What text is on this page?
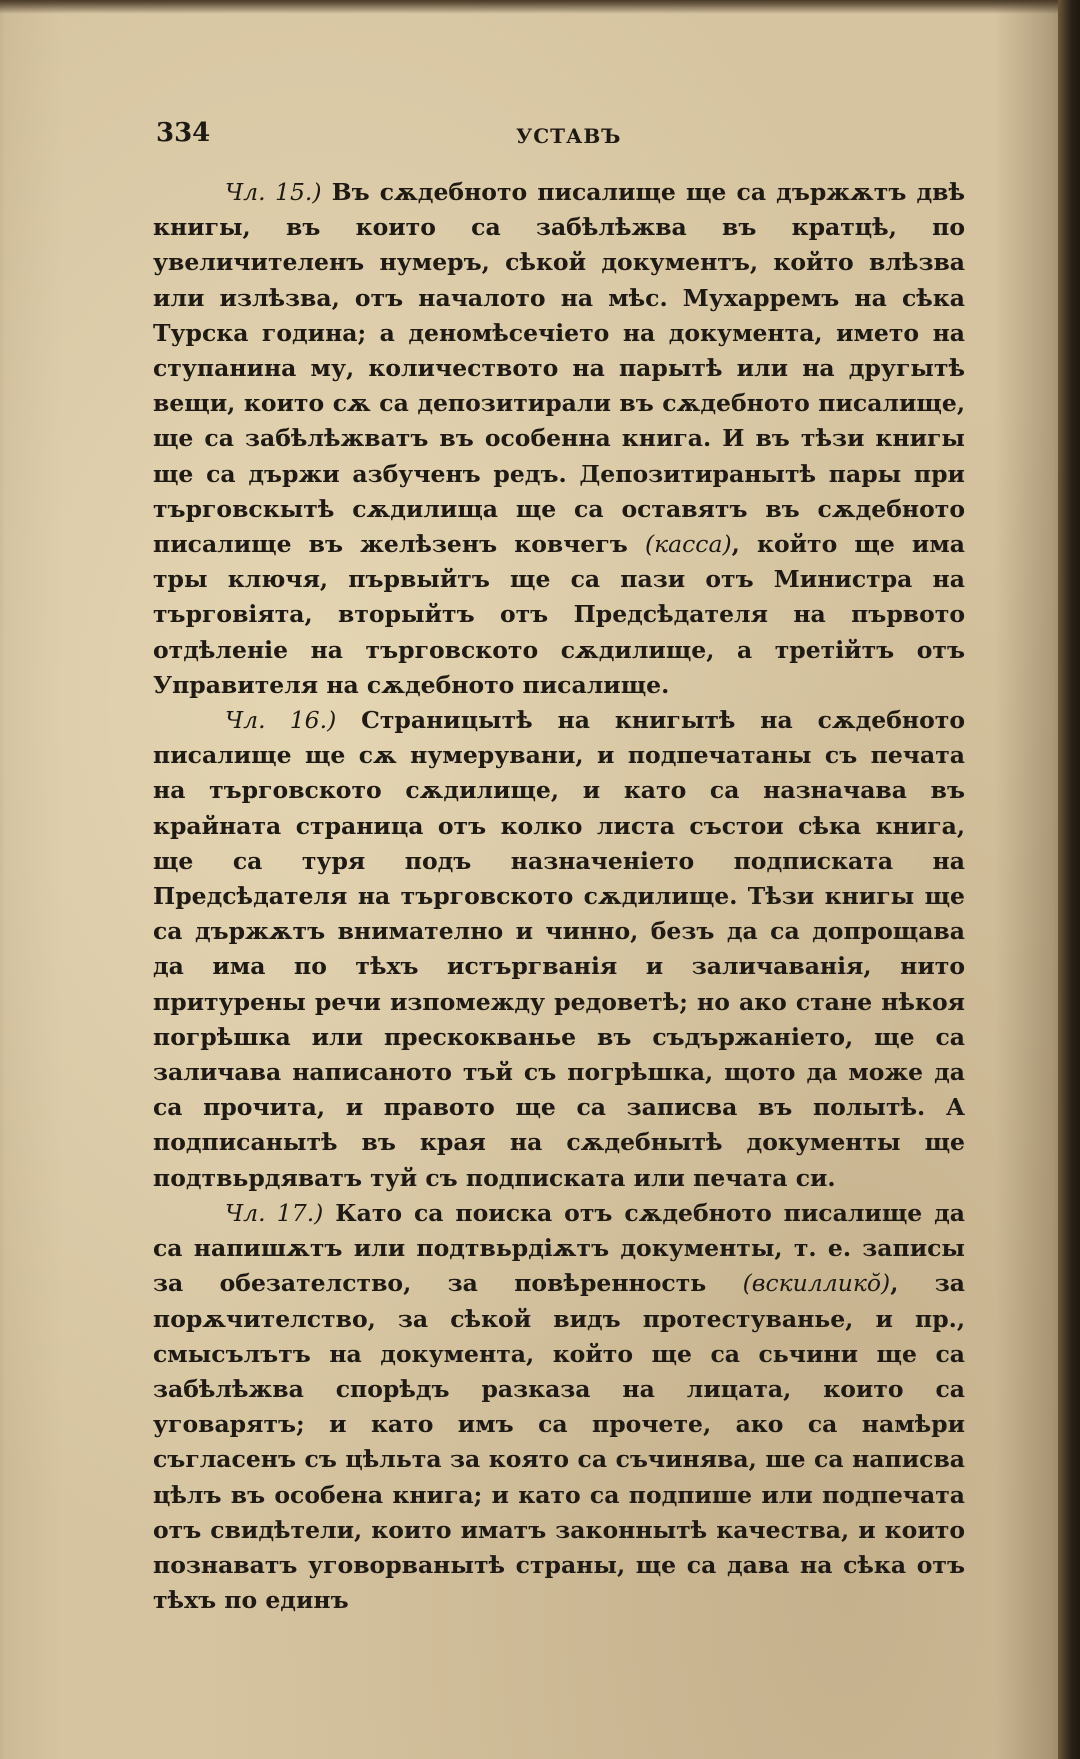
334	УСТАВЪ

Чл. 15.) Въ сѫдебното писалище ще са държѫтъ двѣ книгы, въ които са забѣлѣжва въ кратцѣ, по увеличителенъ нумеръ, сѣкой документъ, който влѣзва или излѣзва, отъ началото на мѣс. Мухарремъ на сѣка Турска година; а деномѣсечіето на документа, името на ступанина му, количеството на парытѣ или на другытѣ вещи, които сѫ са депозитирали въ сѫдебното писалище, ще са забѣлѣжватъ въ особенна книга. И въ тѣзи книгы ще са държи азбученъ редъ. Депозитиранытѣ пары при търговскытѣ сѫдилища ще са оставятъ въ сѫдебното писалище въ желѣзенъ ковчегъ (касса), който ще има тры ключя, първыйтъ ще са пази отъ Министра на търговіята, вторыйтъ отъ Предсѣдателя на първото отдѣленіе на търговското сѫдилище, а третійтъ отъ Управителя на сѫдебното писалище.

Чл. 16.) Страницытѣ на книгытѣ на сѫдебното писалище ще сѫ нумерувани, и подпечатаны съ печата на търговското сѫдилище, и като са назначава въ крайната страница отъ колко листа състои сѣка книга, ще са туря подъ назначеніето подписката на Предсѣдателя на търговското сѫдилище. Тѣзи книгы ще са държѫтъ внимателно и чинно, безъ да са допрощава да има по тѣхъ истъргванія и заличаванія, нито притурены речи изпомежду редоветѣ; но ако стане нѣкоя погрѣшка или прескокванье въ съдържаніето, ще са заличава написаното тъй съ погрѣшка, щото да може да са прочита, и правото ще са записва въ полытѣ. А подписанытѣ въ края на сѫдебнытѣ документы ще подтвьрдяватъ туй съ подписката или печата си.

Чл. 17.) Като са поиска отъ сѫдебното писалище да са напишѫтъ или подтвьрдіѫтъ документы, т. е. записы за обезателство, за повѣренность (вскиллико̆), за порѫчителство, за сѣкой видъ протестуванье, и пр., смысълътъ на документа, който ще са сьчини ще са забѣлѣжва спорѣдъ разказа на лицата, които са уговарятъ; и като имъ са прочете, ако са намѣри съгласенъ съ цѣльта за която са съчинява, ше са написва цѣлъ въ особена книга; и като са подпише или подпечата отъ свидѣтели, които иматъ законнытѣ качества, и които познаватъ уговорванытѣ страны, ще са дава на сѣка отъ тѣхъ по единъ
